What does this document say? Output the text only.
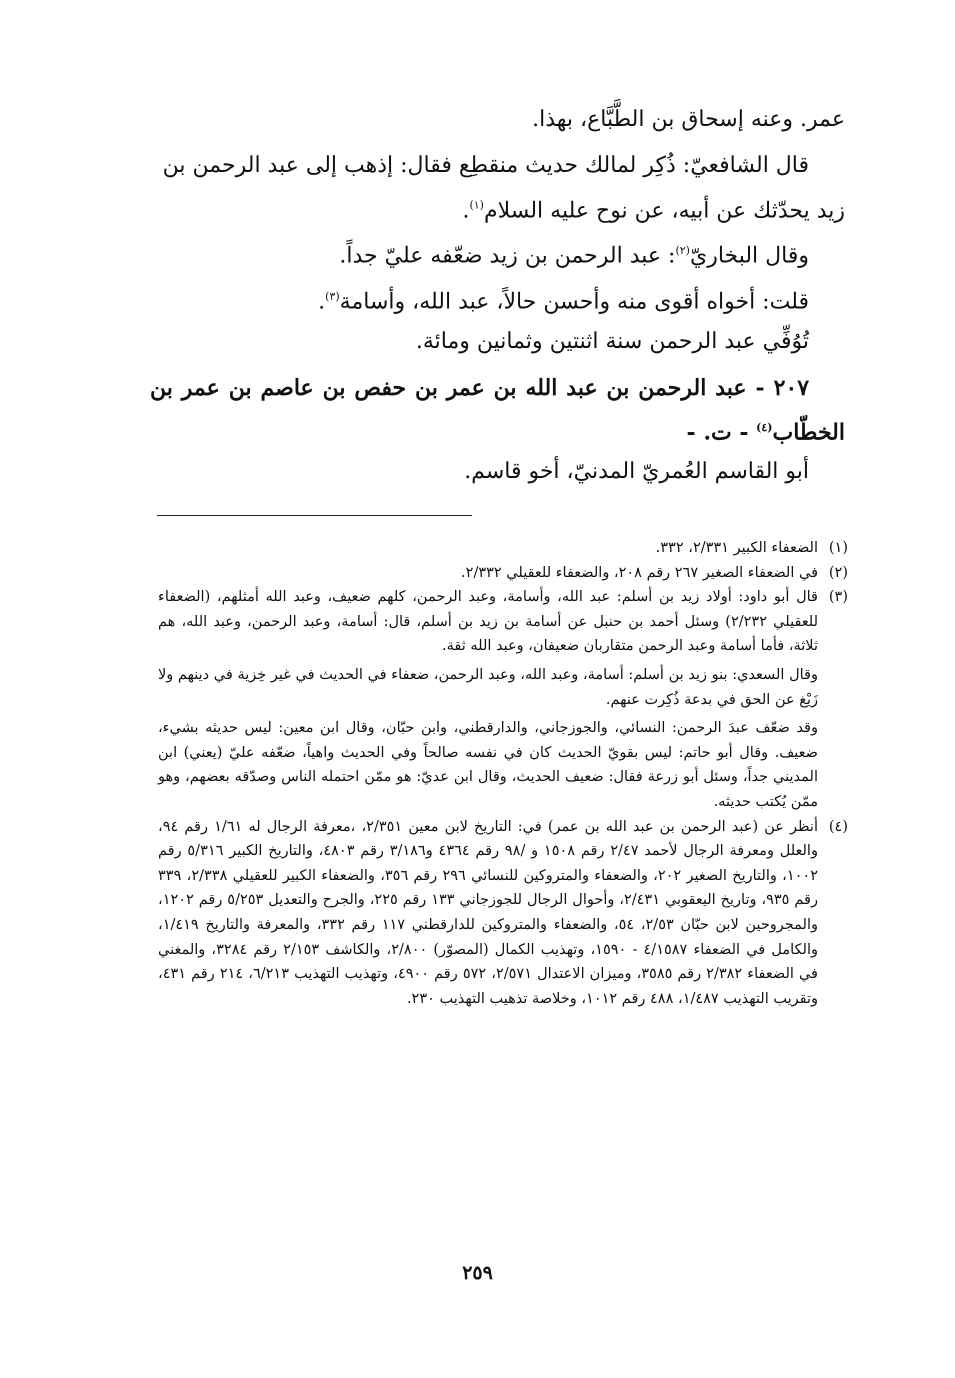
عمر. وعنه إسحاق بن الطَّبَّاع، بهذا.

قال الشافعيّ: ذُكِر لمالك حديث منقطِع فقال: إذهب إلى عبد الرحمن بن زيد يحدّثك عن أبيه، عن نوح عليه السلام$^{(١)}$.

وقال البخاريّ$^{(٢)}$: عبد الرحمن بن زيد ضعّفه عليّ جداً.

قلت: أخواه أقوى منه وأحسن حالاً، عبد الله، وأسامة$^{(٣)}$.

تُوُفِّي عبد الرحمن سنة اثنتين وثمانين ومائة.

٢٠٧ - عبد الرحمن بن عبد الله بن عمر بن حفص بن عاصم بن عمر بن الخطّاب$^{(٤)}$ - ت. -

أبو القاسم العُمريّ المدنيّ، أخو قاسم.

(١)

الضعفاء الكبير ٢/٣٣١، ٣٣٢.

(٢)

في الضعفاء الصغير ٢٦٧ رقم ٢٠٨، والضعفاء للعقيلي ٢/٣٣٢.

(٣)

قال أبو داود: أولاد زيد بن أسلم: عبد الله، وأسامة، وعبد الرحمن، كلهم ضعيف، وعبد الله أمثلهم، (الضعفاء للعقيلي ٢/٢٣٢) وسئل أحمد بن حنبل عن أسامة بن زيد بن أسلم، قال: أسامة، وعبد الرحمن، وعبد الله، هم ثلاثة، فأما أسامة وعبد الرحمن متقاربان ضعيفان، وعبد الله ثقة.

وقال السعدي: بنو زيد بن أسلم: أسامة، وعبد الله، وعبد الرحمن، ضعفاء في الحديث في غير خِزية في دينهم ولا زَيْغ عن الحق في بدعة ذُكِرت عنهم.

وقد ضعّف عبدَ الرحمن: النسائي، والجوزجاني، والدارقطني، وابن حبّان، وقال ابن معين: ليس حديثه بشيء، ضعيف. وقال أبو حاتم: ليس بقويّ الحديث كان في نفسه صالحاً وفي الحديث واهياً، ضعّفه عليّ (يعني) ابن المديني جداً، وسئل أبو زرعة فقال: ضعيف الحديث، وقال ابن عديّ: هو ممّن احتمله الناس وصدّقه بعضهم، وهو ممّن يُكتب حديثه.

(٤)

أنظر عن (عبد الرحمن بن عبد الله بن عمر) في: التاريخ لابن معين ٢/٣٥١، ،معرفة الرجال له ١/٦١ رقم ٩٤، والعلل ومعرفة الرجال لأحمد ٢/٤٧ رقم ١٥٠٨ و /٩٨ رقم ٤٣٦٤ و٣/١٨٦ رقم ٤٨٠٣، والتاريخ الكبير ٥/٣١٦ رقم ١٠٠٢، والتاريخ الصغير ٢٠٢، والضعفاء والمتروكين للنسائي ٢٩٦ رقم ٣٥٦، والضعفاء الكبير للعقيلي ٢/٣٣٨، ٣٣٩ رقم ٩٣٥، وتاريخ اليعقوبي ٢/٤٣١، وأحوال الرجال للجوزجاني ١٣٣ رقم ٢٢٥، والجرح والتعديل ٥/٢٥٣ رقم ١٢٠٢، والمجروحين لابن حبّان ٢/٥٣، ٥٤، والضعفاء والمتروكين للدارقطني ١١٧ رقم ٣٣٢، والمعرفة والتاريخ ١/٤١٩، والكامل في الضعفاء ٤/١٥٨٧ - ١٥٩٠، وتهذيب الكمال (المصوّر) ٢/٨٠٠، والكاشف ٢/١٥٣ رقم ٣٢٨٤، والمغني في الضعفاء ٢/٣٨٢ رقم ٣٥٨٥، وميزان الاعتدال ٢/٥٧١، ٥٧٢ رقم ٤٩٠٠، وتهذيب التهذيب ٦/٢١٣، ٢١٤ رقم ٤٣١، وتقريب التهذيب ١/٤٨٧، ٤٨٨ رقم ١٠١٢، وخلاصة تذهيب التهذيب ٢٣٠.

٢٥٩
